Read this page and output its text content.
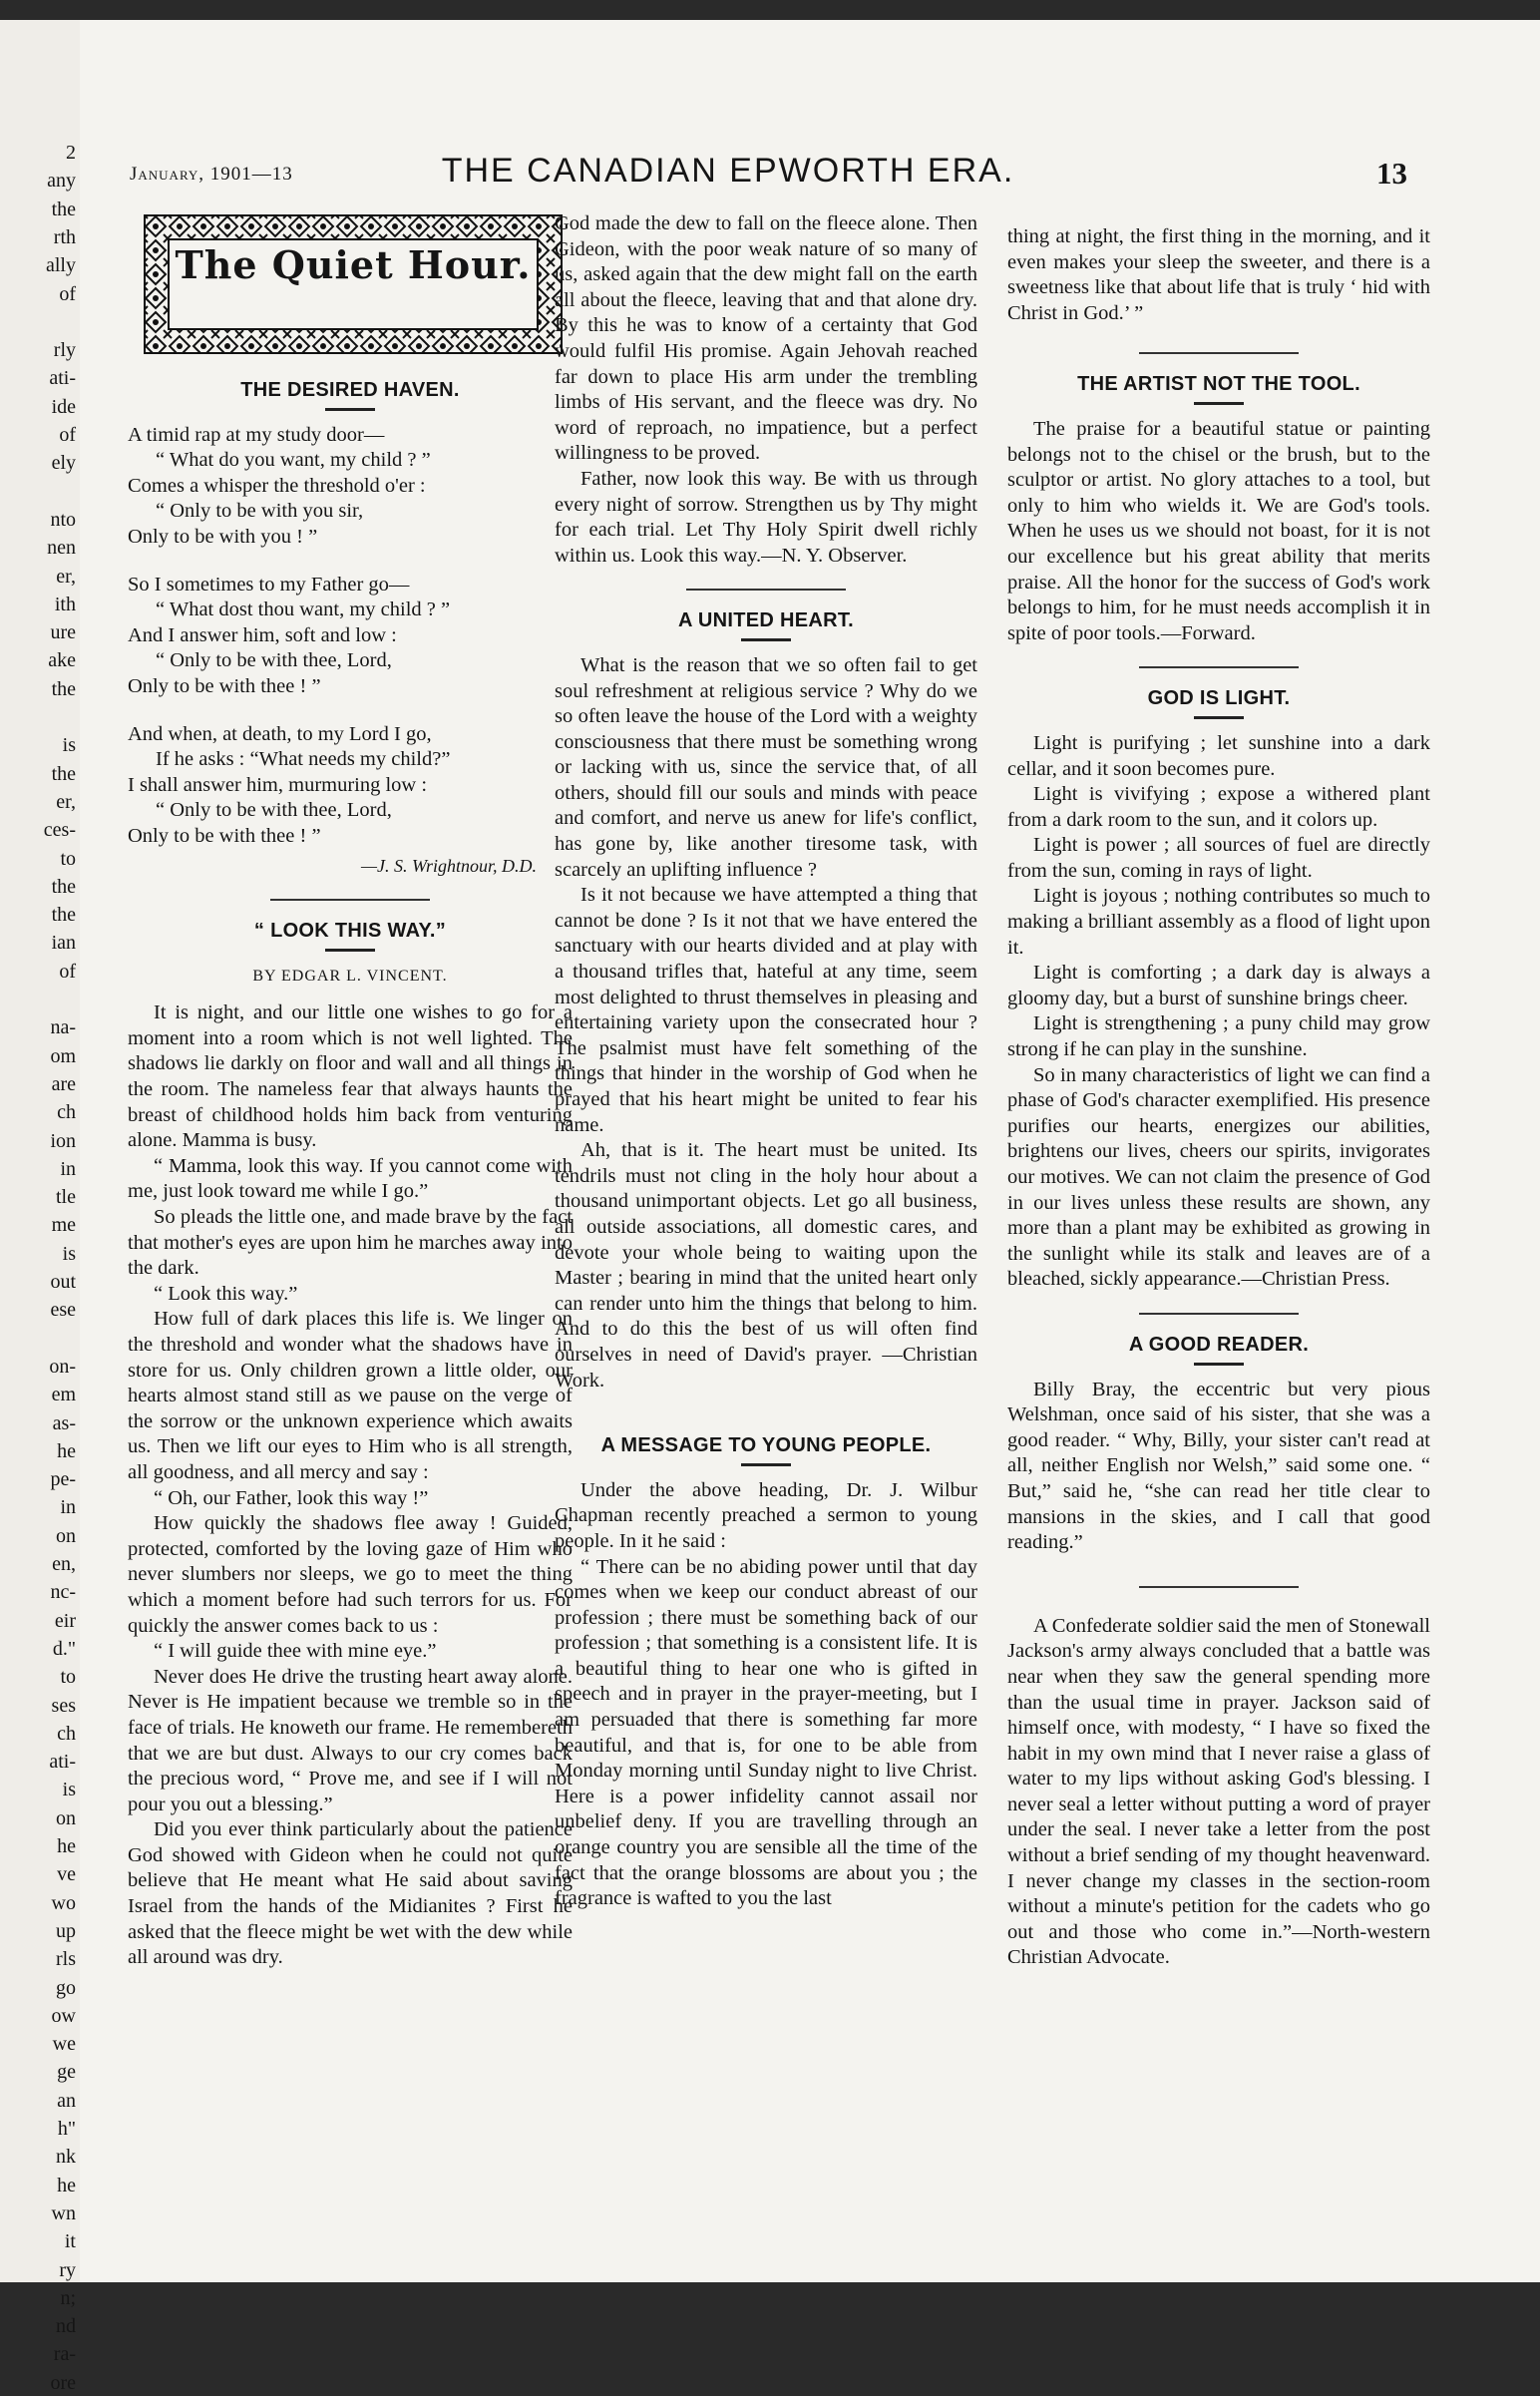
2
any
the
rth
ally
of
rly
ati-
ide
of
ely
nto
nen
er,
ith
ure
ake
the
is
the
er,
ces-
to
the
the
ian
of
na-
om
are
ch
ion
in
tle
me
is
out
ese
on-
em
as-
he
pe-
in
on
en,
nc-
eir
d."
to
ses
ch
ati-
is
on
he
ve
wo
up
rls
go
ow
we
ge
an
h"
nk
he
wn
it
ry
n;
nd
ra-
ore
January, 1901—13	THE CANADIAN EPWORTH ERA.	13
The Quiet Hour.
THE DESIRED HAVEN.
A timid rap at my study door—
“ What do you want, my child ? ”
Comes a whisper the threshold o'er :
“ Only to be with you sir,
Only to be with you ! ”
So I sometimes to my Father go—
“ What dost thou want, my child ? ”
And I answer him, soft and low :
“ Only to be with thee, Lord,
Only to be with thee ! ”
And when, at death, to my Lord I go,
If he asks : “What needs my child?”
I shall answer him, murmuring low :
“ Only to be with thee, Lord,
Only to be with thee ! ”
—J. S. Wrightnour, D.D.
“ LOOK THIS WAY.”
BY EDGAR L. VINCENT.

It is night, and our little one wishes to go for a moment into a room which is not well lighted. The shadows lie darkly on floor and wall and all things in the room. The nameless fear that always haunts the breast of childhood holds him back from venturing alone. Mamma is busy.

“ Mamma, look this way. If you cannot come with me, just look toward me while I go.”

So pleads the little one, and made brave by the fact that mother's eyes are upon him he marches away into the dark.

“ Look this way.”

How full of dark places this life is. We linger on the threshold and wonder what the shadows have in store for us. Only children grown a little older, our hearts almost stand still as we pause on the verge of the sorrow or the unknown experience which awaits us. Then we lift our eyes to Him who is all strength, all goodness, and all mercy and say :

“ Oh, our Father, look this way !”

How quickly the shadows flee away ! Guided, protected, comforted by the loving gaze of Him who never slumbers nor sleeps, we go to meet the thing which a moment before had such terrors for us. For quickly the answer comes back to us :

“ I will guide thee with mine eye.”

Never does He drive the trusting heart away alone. Never is He impatient because we tremble so in the face of trials. He knoweth our frame. He remembereth that we are but dust. Always to our cry comes back the precious word, “ Prove me, and see if I will not pour you out a blessing.”

Did you ever think particularly about the patience God showed with Gideon when he could not quite believe that He meant what He said about saving Israel from the hands of the Midianites ? First he asked that the fleece might be wet with the dew while all around was dry.

God made the dew to fall on the fleece alone. Then Gideon, with the poor weak nature of so many of us, asked again that the dew might fall on the earth all about the fleece, leaving that and that alone dry. By this he was to know of a certainty that God would fulfil His promise. Again Jehovah reached far down to place His arm under the trembling limbs of His servant, and the fleece was dry. No word of reproach, no impatience, but a perfect willingness to be proved.

Father, now look this way. Be with us through every night of sorrow. Strengthen us by Thy might for each trial. Let Thy Holy Spirit dwell richly within us. Look this way.—N. Y. Observer.

A UNITED HEART.

What is the reason that we so often fail to get soul refreshment at religious service ? Why do we so often leave the house of the Lord with a weighty consciousness that there must be something wrong or lacking with us, since the service that, of all others, should fill our souls and minds with peace and comfort, and nerve us anew for life's conflict, has gone by, like another tiresome task, with scarcely an uplifting influence ?

Is it not because we have attempted a thing that cannot be done ? Is it not that we have entered the sanctuary with our hearts divided and at play with a thousand trifles that, hateful at any time, seem most delighted to thrust themselves in pleasing and entertaining variety upon the consecrated hour ? The psalmist must have felt something of the things that hinder in the worship of God when he prayed that his heart might be united to fear his name.

Ah, that is it. The heart must be united. Its tendrils must not cling in the holy hour about a thousand unimportant objects. Let go all business, all outside associations, all domestic cares, and devote your whole being to waiting upon the Master ; bearing in mind that the united heart only can render unto him the things that belong to him. And to do this the best of us will often find ourselves in need of David's prayer. —Christian Work.

A MESSAGE TO YOUNG PEOPLE.

Under the above heading, Dr. J. Wilbur Chapman recently preached a sermon to young people. In it he said :

“ There can be no abiding power until that day comes when we keep our conduct abreast of our profession ; there must be something back of our profession ; that something is a consistent life. It is a beautiful thing to hear one who is gifted in speech and in prayer in the prayer-meeting, but I am persuaded that there is something far more beautiful, and that is, for one to be able from Monday morning until Sunday night to live Christ. Here is a power infidelity cannot assail nor unbelief deny. If you are travelling through an orange country you are sensible all the time of the fact that the orange blossoms are about you ; the fragrance is wafted to you the last

thing at night, the first thing in the morning, and it even makes your sleep the sweeter, and there is a sweetness like that about life that is truly ‘ hid with Christ in God.’ ”

THE ARTIST NOT THE TOOL.

The praise for a beautiful statue or painting belongs not to the chisel or the brush, but to the sculptor or artist. No glory attaches to a tool, but only to him who wields it. We are God's tools. When he uses us we should not boast, for it is not our excellence but his great ability that merits praise. All the honor for the success of God's work belongs to him, for he must needs accomplish it in spite of poor tools.—Forward.

GOD IS LIGHT.

Light is purifying ; let sunshine into a dark cellar, and it soon becomes pure.

Light is vivifying ; expose a withered plant from a dark room to the sun, and it colors up.

Light is power ; all sources of fuel are directly from the sun, coming in rays of light.

Light is joyous ; nothing contributes so much to making a brilliant assembly as a flood of light upon it.

Light is comforting ; a dark day is always a gloomy day, but a burst of sunshine brings cheer.

Light is strengthening ; a puny child may grow strong if he can play in the sunshine.

So in many characteristics of light we can find a phase of God's character exemplified. His presence purifies our hearts, energizes our abilities, brightens our lives, cheers our spirits, invigorates our motives. We can not claim the presence of God in our lives unless these results are shown, any more than a plant may be exhibited as growing in the sunlight while its stalk and leaves are of a bleached, sickly appearance.—Christian Press.

A GOOD READER.

Billy Bray, the eccentric but very pious Welshman, once said of his sister, that she was a good reader. “ Why, Billy, your sister can't read at all, neither English nor Welsh,” said some one. “ But,” said he, “she can read her title clear to mansions in the skies, and I call that good reading.”

A Confederate soldier said the men of Stonewall Jackson's army always concluded that a battle was near when they saw the general spending more than the usual time in prayer. Jackson said of himself once, with modesty, “ I have so fixed the habit in my own mind that I never raise a glass of water to my lips without asking God's blessing. I never seal a letter without putting a word of prayer under the seal. I never take a letter from the post without a brief sending of my thought heavenward. I never change my classes in the section-room without a minute's petition for the cadets who go out and those who come in.”—North-western Christian Advocate.
